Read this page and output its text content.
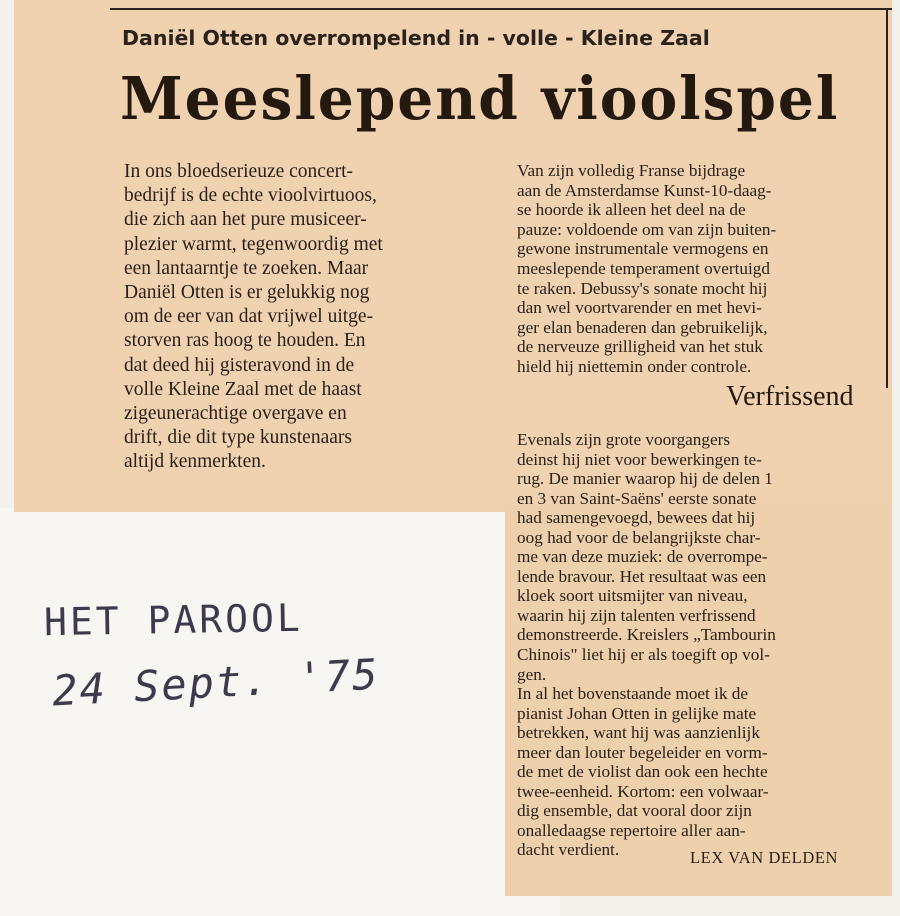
Daniël Otten overrompelend in - volle - Kleine Zaal
Meeslepend vioolspel

In ons bloedserieuze concert-

bedrijf is de echte vioolvirtuoos,

die zich aan het pure musiceer-

plezier warmt, tegenwoordig met

een lantaarntje te zoeken. Maar

Daniël Otten is er gelukkig nog

om de eer van dat vrijwel uitge-

storven ras hoog te houden. En

dat deed hij gisteravond in de

volle Kleine Zaal met de haast

zigeunerachtige overgave en

drift, die dit type kunstenaars

altijd kenmerkten.

Van zijn volledig Franse bijdrage

aan de Amsterdamse Kunst-10-daag-

se hoorde ik alleen het deel na de

pauze: voldoende om van zijn buiten-

gewone instrumentale vermogens en

meeslepende temperament overtuigd

te raken. Debussy's sonate mocht hij

dan wel voortvarender en met hevi-

ger elan benaderen dan gebruikelijk,

de nerveuze grilligheid van het stuk

hield hij niettemin onder controle.

Verfrissend

Evenals zijn grote voorgangers

deinst hij niet voor bewerkingen te-

rug. De manier waarop hij de delen 1

en 3 van Saint-Saëns' eerste sonate

had samengevoegd, bewees dat hij

oog had voor de belangrijkste char-

me van deze muziek: de overrompe-

lende bravour. Het resultaat was een

kloek soort uitsmijter van niveau,

waarin hij zijn talenten verfrissend

demonstreerde. Kreislers „Tambourin

Chinois" liet hij er als toegift op vol-

gen.

In al het bovenstaande moet ik de

pianist Johan Otten in gelijke mate

betrekken, want hij was aanzienlijk

meer dan louter begeleider en vorm-

de met de violist dan ook een hechte

twee-eenheid. Kortom: een volwaar-

dig ensemble, dat vooral door zijn

onalledaagse repertoire aller aan-

dacht verdient.	LEX VAN DELDEN
HET PAROOL
24 Sept. '75
